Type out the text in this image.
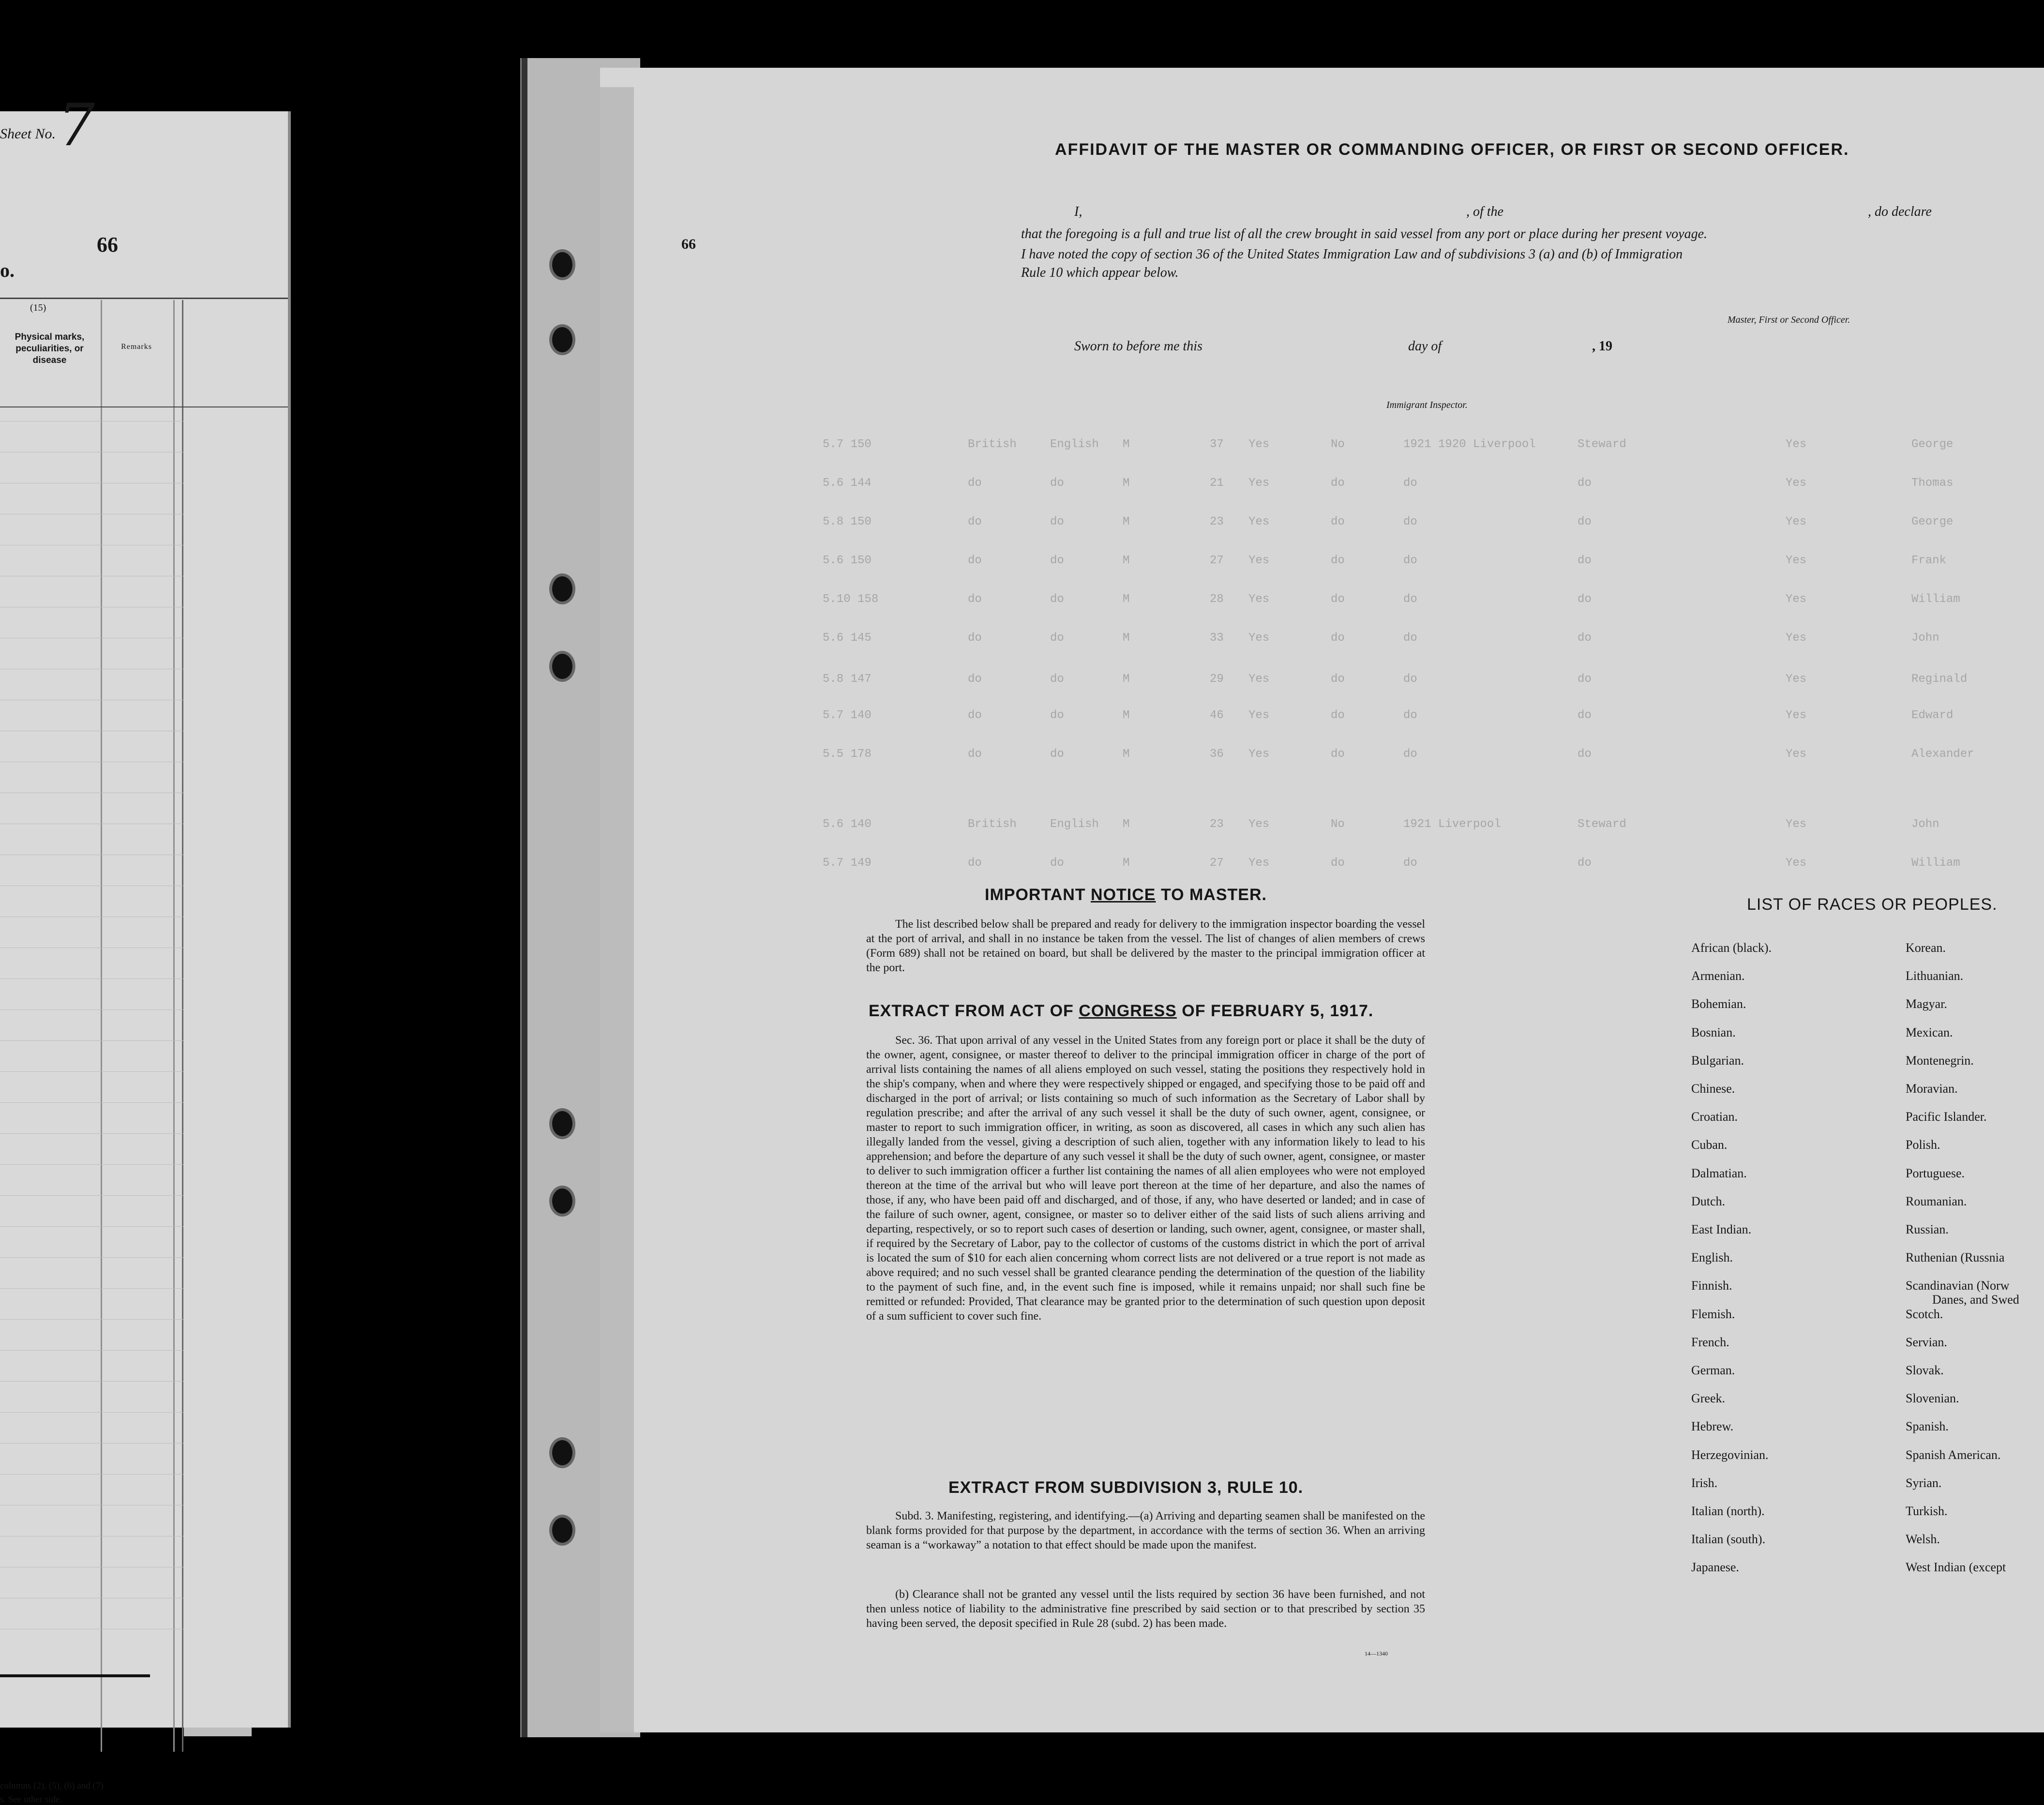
Sheet No. 7
66
o.
(15)
Physical marks, peculiarities, or disease
Remarks
columns (2), (5), (6) and (7)
s. See other side.
66
5.7 150	British	English M	37 Yes	No	1921 1920 Liverpool	Steward	Yes	George
5.6 144	do	do	M	21 Yes	do	do	do	Yes	Thomas
5.8 150	do	do	M	23 Yes	do	do	do	Yes	George
5.6 150	do	do	M	27 Yes	do	do	do	Yes	Frank
5.10 158	do	do	M	28 Yes	do	do	do	Yes	William
5.6 145	do	do	M	33 Yes	do	do	do	Yes	John
5.8 147	do	do	M	29 Yes	do	do	do	Yes	Reginald
5.7 140	do	do	M	46 Yes	do	do	do	Yes	Edward
5.5 178	do	do	M	36 Yes	do	do	do	Yes	Alexander
5.6 140	British	English M	23 Yes	No	1921 Liverpool	Steward	Yes	John
5.7 149	do	do	M	27 Yes	do	do	do	Yes	William
AFFIDAVIT OF THE MASTER OR COMMANDING OFFICER, OR FIRST OR SECOND OFFICER.
I,	, of the	, do declare
that the foregoing is a full and true list of all the crew brought in said vessel from any port or place during her present voyage.
I have noted the copy of section 36 of the United States Immigration Law and of subdivisions 3 (a) and (b) of Immigration
Rule 10 which appear below.
Master, First or Second Officer.
Sworn to before me this	day of	, 19
Immigrant Inspector.
IMPORTANT NOTICE TO MASTER.
The list described below shall be prepared and ready for delivery to the immigration inspector boarding the vessel at the port of arrival, and shall in no instance be taken from the vessel. The list of changes of alien members of crews (Form 689) shall not be retained on board, but shall be delivered by the master to the principal immigration officer at the port.
EXTRACT FROM ACT OF CONGRESS OF FEBRUARY 5, 1917.
Sec. 36. That upon arrival of any vessel in the United States from any foreign port or place it shall be the duty of the owner, agent, consignee, or master thereof to deliver to the principal immigration officer in charge of the port of arrival lists containing the names of all aliens employed on such vessel, stating the positions they respectively hold in the ship's company, when and where they were respectively shipped or engaged, and specifying those to be paid off and discharged in the port of arrival; or lists containing so much of such information as the Secretary of Labor shall by regulation prescribe; and after the arrival of any such vessel it shall be the duty of such owner, agent, consignee, or master to report to such immigration officer, in writing, as soon as discovered, all cases in which any such alien has illegally landed from the vessel, giving a description of such alien, together with any information likely to lead to his apprehension; and before the departure of any such vessel it shall be the duty of such owner, agent, consignee, or master to deliver to such immigration officer a further list containing the names of all alien employees who were not employed thereon at the time of the arrival but who will leave port thereon at the time of her departure, and also the names of those, if any, who have been paid off and discharged, and of those, if any, who have deserted or landed; and in case of the failure of such owner, agent, consignee, or master so to deliver either of the said lists of such aliens arriving and departing, respectively, or so to report such cases of desertion or landing, such owner, agent, consignee, or master shall, if required by the Secretary of Labor, pay to the collector of customs of the customs district in which the port of arrival is located the sum of $10 for each alien concerning whom correct lists are not delivered or a true report is not made as above required; and no such vessel shall be granted clearance pending the determination of the question of the liability to the payment of such fine, and, in the event such fine is imposed, while it remains unpaid; nor shall such fine be remitted or refunded: Provided, That clearance may be granted prior to the determination of such question upon deposit of a sum sufficient to cover such fine.
EXTRACT FROM SUBDIVISION 3, RULE 10.
Subd. 3. Manifesting, registering, and identifying.—(a) Arriving and departing seamen shall be manifested on the blank forms provided for that purpose by the department, in accordance with the terms of section 36. When an arriving seaman is a “workaway” a notation to that effect should be made upon the manifest.
(b) Clearance shall not be granted any vessel until the lists required by section 36 have been furnished, and not then unless notice of liability to the administrative fine prescribed by said section or to that prescribed by section 35 having been served, the deposit specified in Rule 28 (subd. 2) has been made.
14—1340
LIST OF RACES OR PEOPLES.
African (black).
Armenian.
Bohemian.
Bosnian.
Bulgarian.
Chinese.
Croatian.
Cuban.
Dalmatian.
Dutch.
East Indian.
English.
Finnish.
Flemish.
French.
German.
Greek.
Hebrew.
Herzegovinian.
Irish.
Italian (north).
Italian (south).
Japanese.
Korean.
Lithuanian.
Magyar.
Mexican.
Montenegrin.
Moravian.
Pacific Islander.
Polish.
Portuguese.
Roumanian.
Russian.
Ruthenian (Russnia
Scandinavian (Norw
Danes, and Swed
Scotch.
Servian.
Slovak.
Slovenian.
Spanish.
Spanish American.
Syrian.
Turkish.
Welsh.
West Indian (except
